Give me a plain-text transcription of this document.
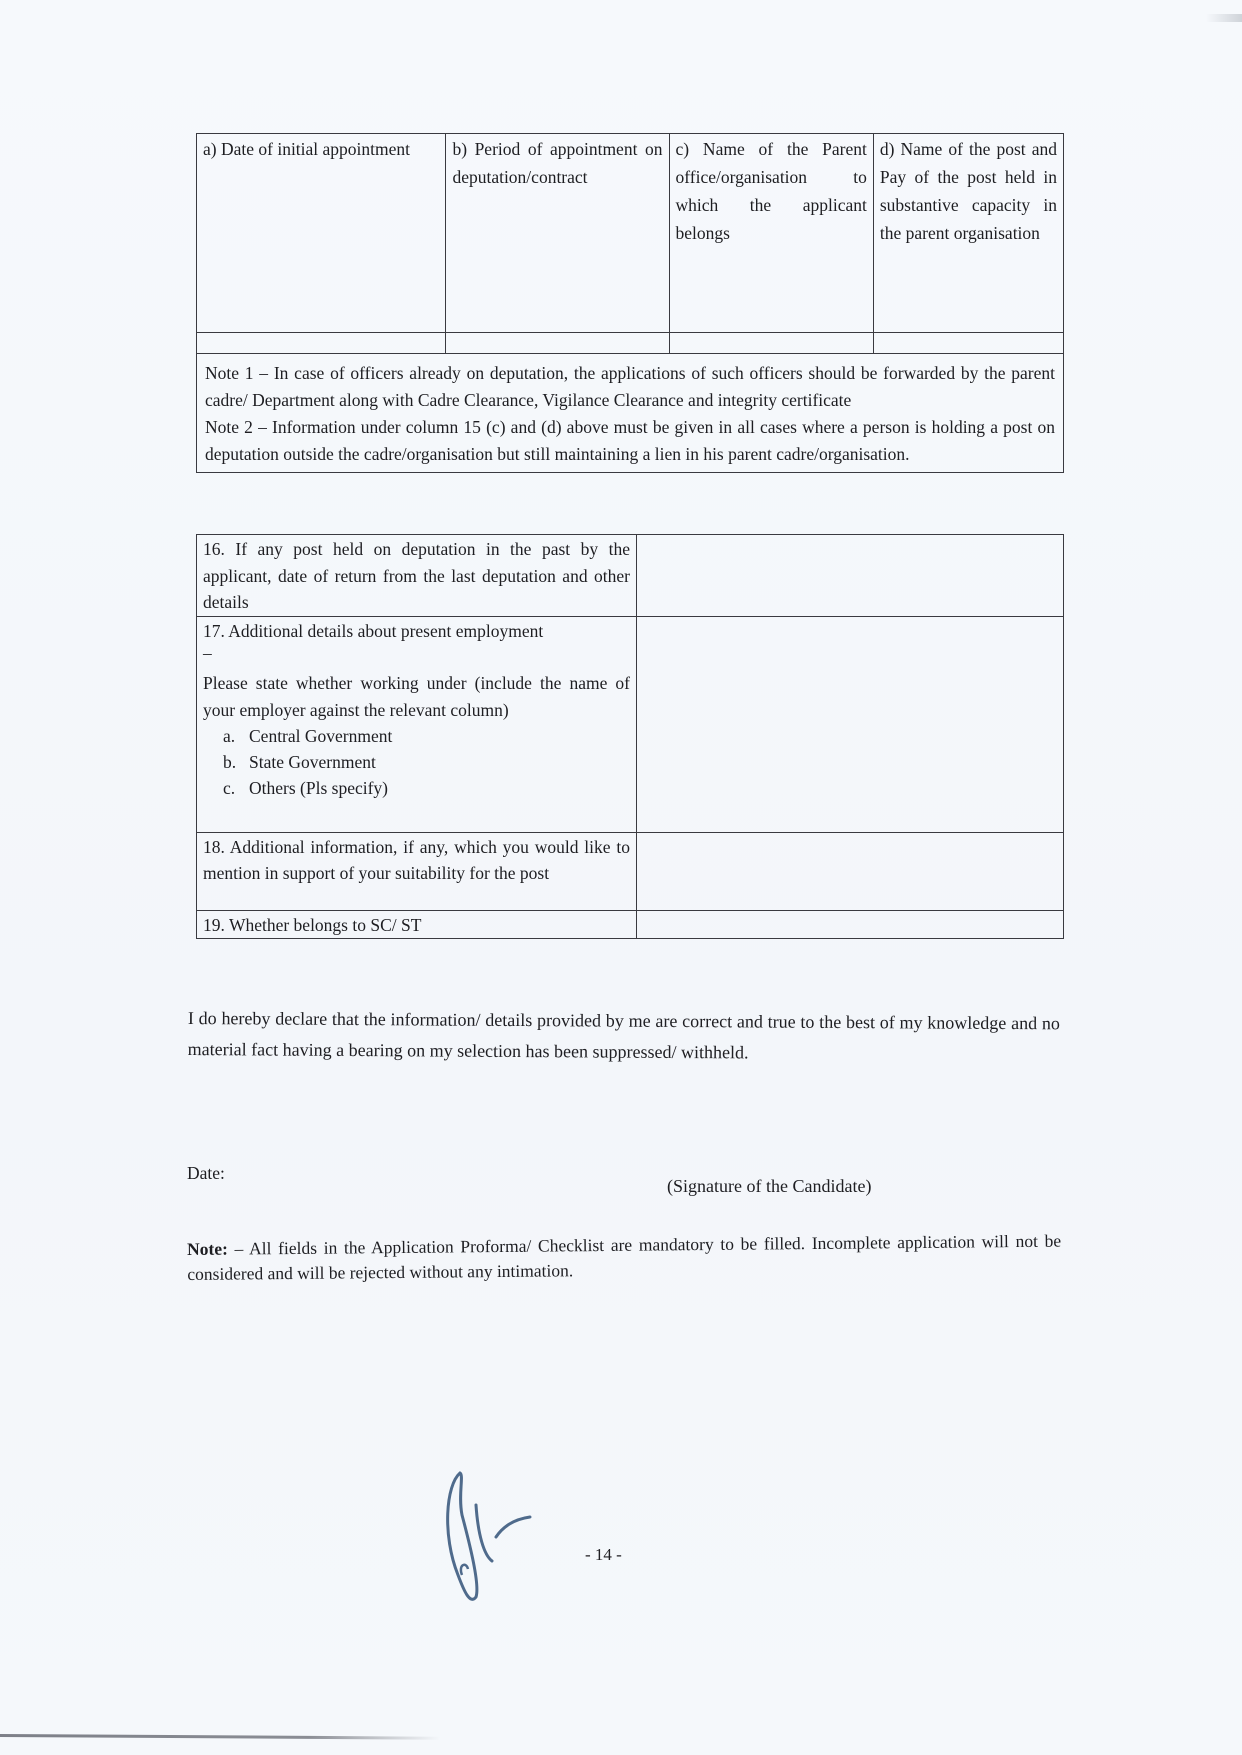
a) Date of initial appointment	b) Period of appointment on deputation/contract	c) Name of the Parent office/organisation to which the applicant belongs	d) Name of the post and Pay of the post held in substantive capacity in the parent organisation

Note 1 – In case of officers already on deputation, the applications of such officers should be forwarded by the parent cadre/ Department along with Cadre Clearance, Vigilance Clearance and integrity certificate

Note 2 – Information under column 15 (c) and (d) above must be given in all cases where a person is holding a post on deputation outside the cadre/organisation but still maintaining a lien in his parent cadre/organisation.			

16. If any post held on deputation in the past by the applicant, date of return from the last deputation and other details	

17. Additional details about present employment
–
Please state whether working under (include the name of your employer against the relevant column)
a. Central Government
b. State Government
c. Others (Pls specify)

18. Additional information, if any, which you would like to mention in support of your suitability for the post	
19. Whether belongs to SC/ ST	
I do hereby declare that the information/ details provided by me are correct and true to the best of my knowledge and no material fact having a bearing on my selection has been suppressed/ withheld.
Date:
(Signature of the Candidate)
Note: – All fields in the Application Proforma/ Checklist are mandatory to be filled. Incomplete application will not be considered and will be rejected without any intimation.
- 14 -
